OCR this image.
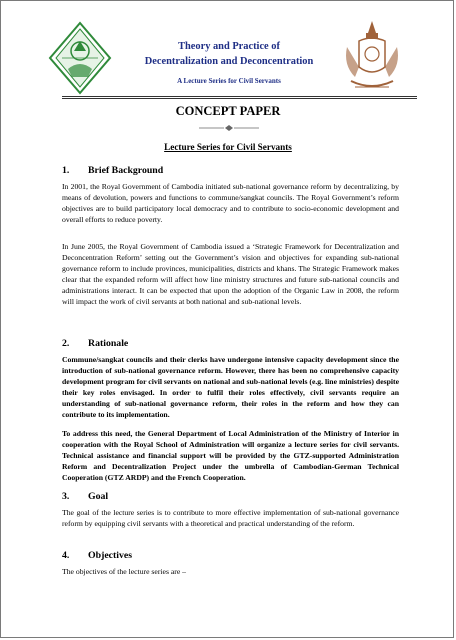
Theory and Practice of
Decentralization and Deconcentration
A Lecture Series for Civil Servants
CONCEPT PAPER
Lecture Series for Civil Servants
1. Brief Background

In 2001, the Royal Government of Cambodia initiated sub-national governance reform by decentralizing, by means of devolution, powers and functions to commune/sangkat councils. The Royal Government’s reform objectives are to build participatory local democracy and to contribute to socio-economic development and overall efforts to reduce poverty.

In June 2005, the Royal Government of Cambodia issued a ‘Strategic Framework for Decentralization and Deconcentration Reform’ setting out the Government’s vision and objectives for expanding sub-national governance reform to include provinces, municipalities, districts and khans. The Strategic Framework makes clear that the expanded reform will affect how line ministry structures and future sub-national councils and administrations interact. It can be expected that upon the adoption of the Organic Law in 2008, the reform will impact the work of civil servants at both national and sub-national levels.

2. Rationale

Commune/sangkat councils and their clerks have undergone intensive capacity development since the introduction of sub-national governance reform. However, there has been no comprehensive capacity development program for civil servants on national and sub-national levels (e.g. line ministries) despite their key roles envisaged. In order to fulfil their roles effectively, civil servants require an understanding of sub-national governance reform, their roles in the reform and how they can contribute to its implementation.

To address this need, the General Department of Local Administration of the Ministry of Interior in cooperation with the Royal School of Administration will organize a lecture series for civil servants. Technical assistance and financial support will be provided by the GTZ-supported Administration Reform and Decentralization Project under the umbrella of Cambodian-German Technical Cooperation (GTZ ARDP) and the French Cooperation.

3. Goal

The goal of the lecture series is to contribute to more effective implementation of sub-national governance reform by equipping civil servants with a theoretical and practical understanding of the reform.

4. Objectives

The objectives of the lecture series are –
